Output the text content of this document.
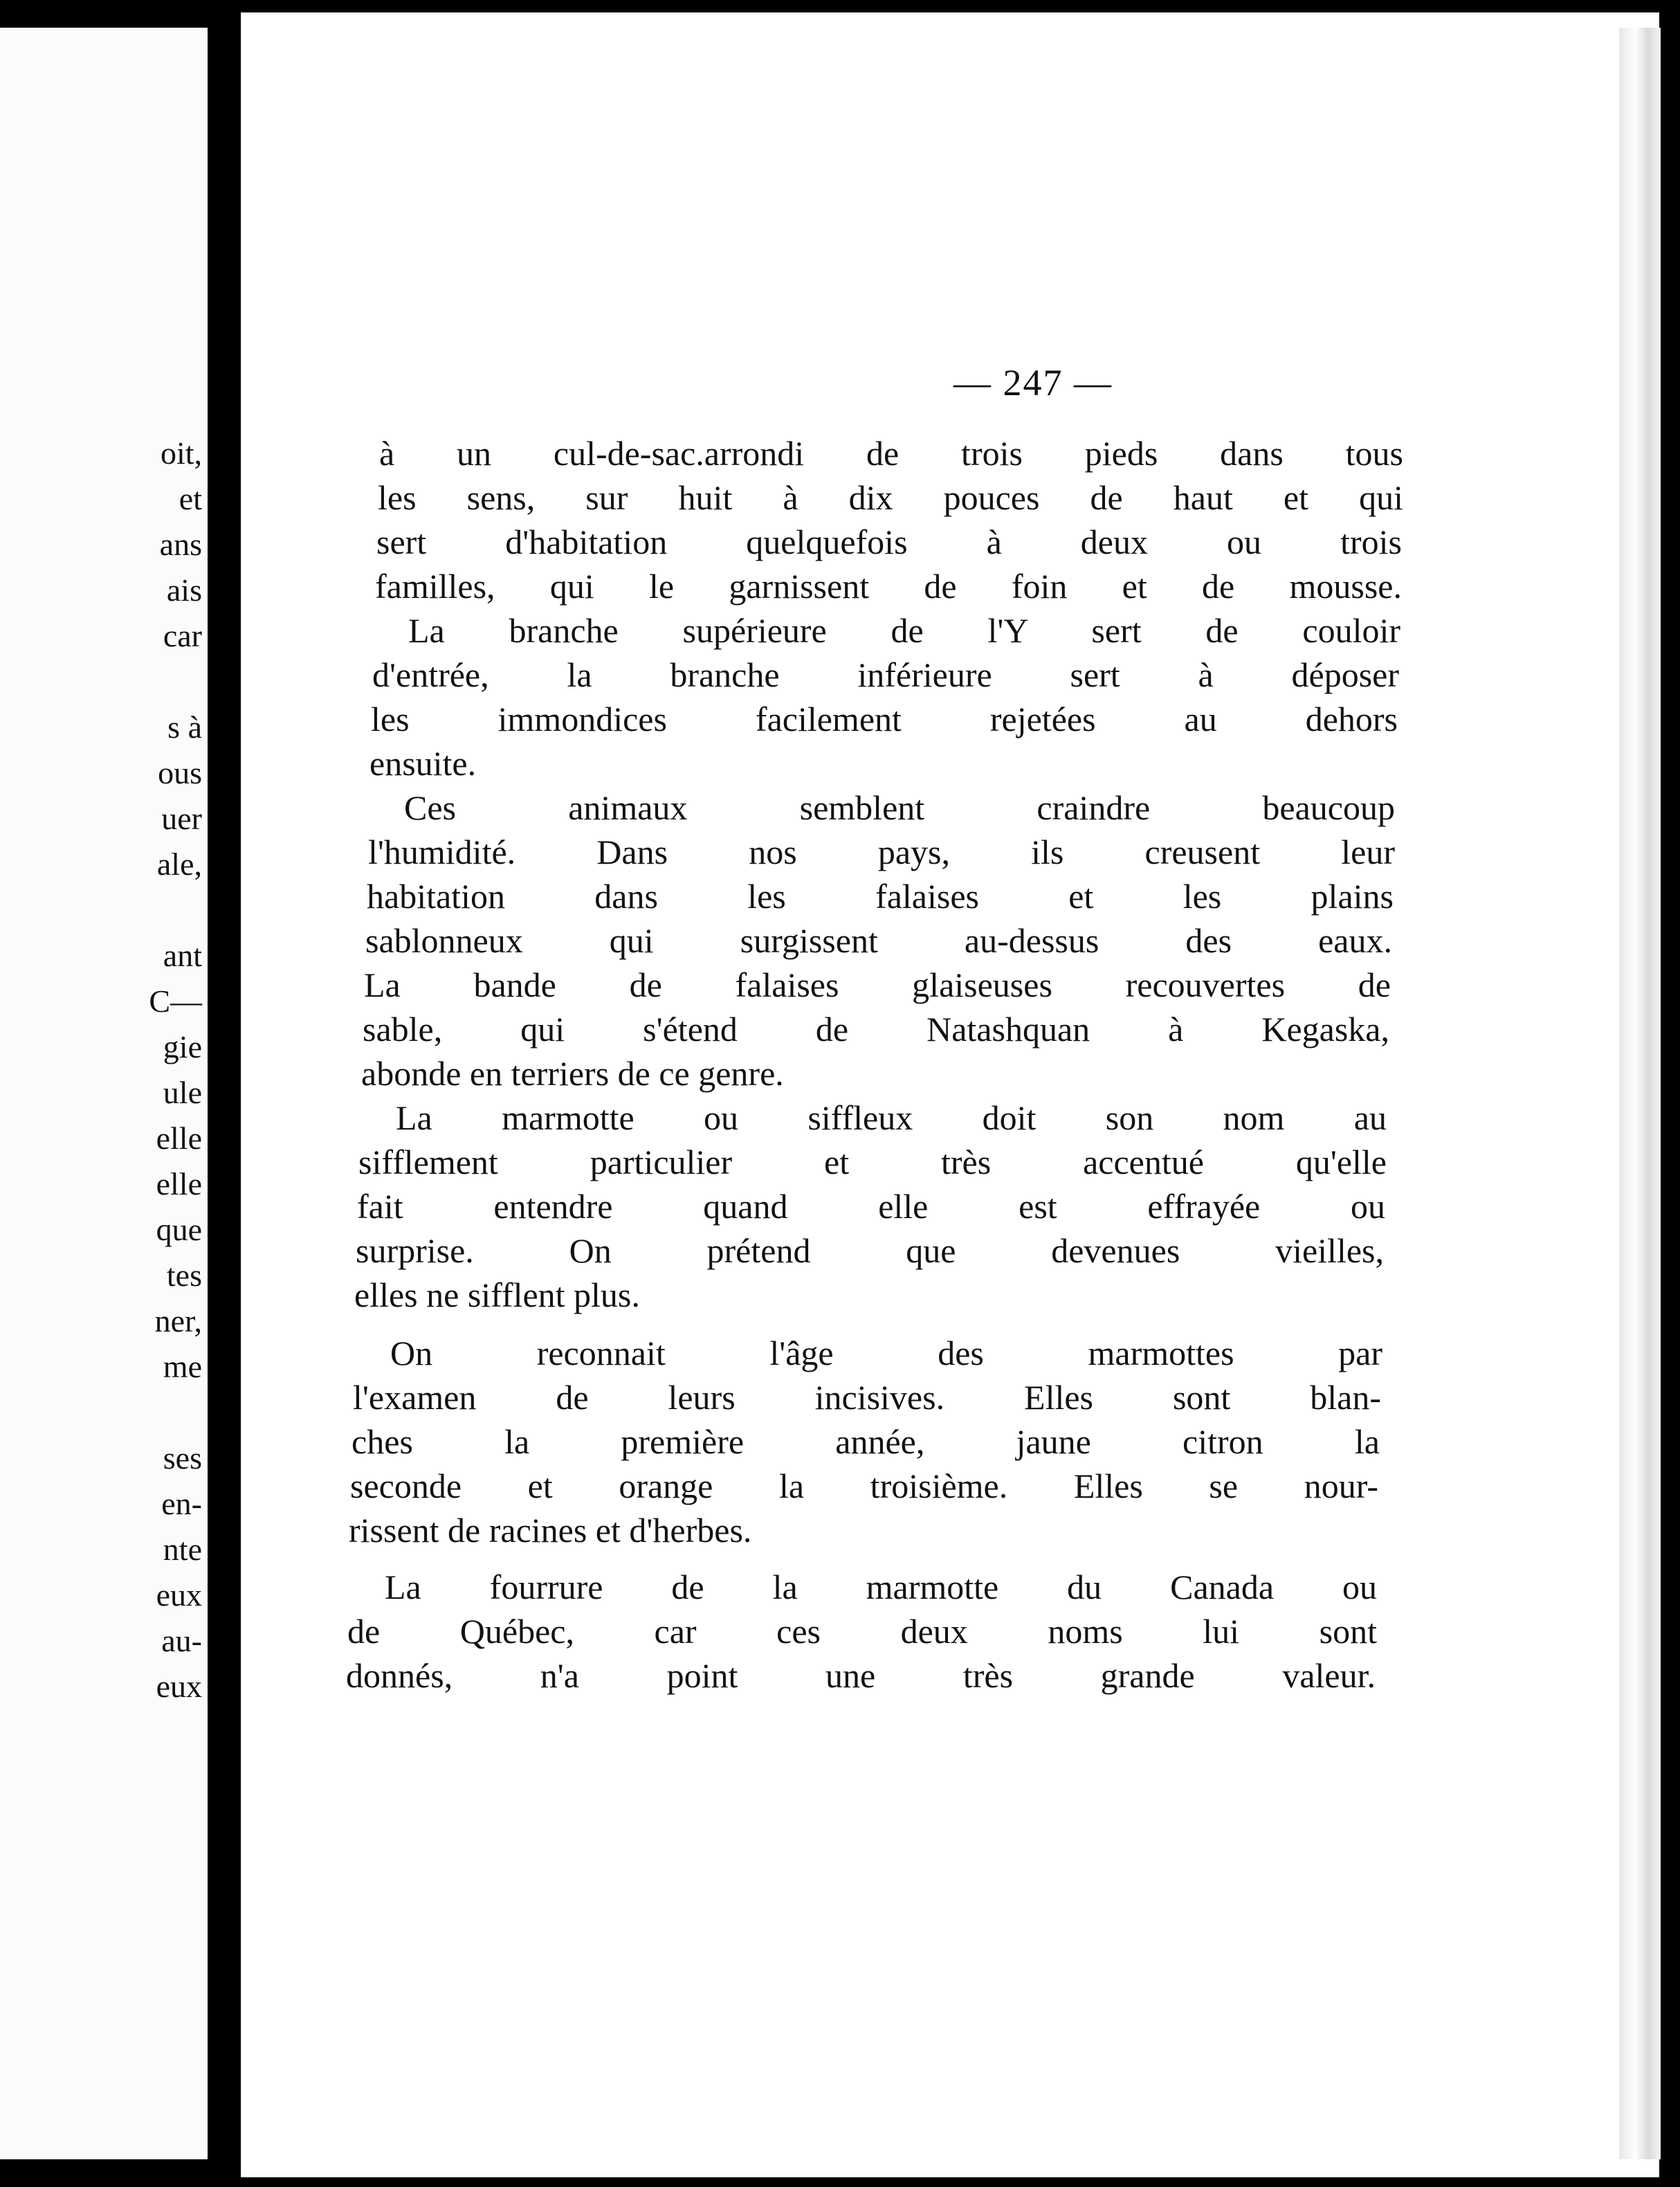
oit,
et
ans
ais
car
s à
ous
uer
ale,
ant
C—
gie
ule
elle
elle
que
tes
ner,
me
ses
en-
nte
eux
au-
eux
— 247 —
à un cul-de-sac.arrondi de trois pieds dans tous
les sens, sur huit à dix pouces de haut et qui
sert d'habitation quelquefois à deux ou trois
familles, qui le garnissent de foin et de mousse.
La branche supérieure de l'Y sert de couloir
d'entrée, la branche inférieure sert à déposer
les immondices facilement rejetées au dehors
ensuite.
Ces animaux semblent craindre beaucoup
l'humidité. Dans nos pays, ils creusent leur
habitation dans les falaises et les plains
sablonneux qui surgissent au-dessus des eaux.
La bande de falaises glaiseuses recouvertes de
sable, qui s'étend de Natashquan à Kegaska,
abonde en terriers de ce genre.
La marmotte ou siffleux doit son nom au
sifflement particulier et très accentué qu'elle
fait entendre quand elle est effrayée ou
surprise. On prétend que devenues vieilles,
elles ne sifflent plus.
On reconnait l'âge des marmottes par
l'examen de leurs incisives. Elles sont blan-
ches la première année, jaune citron la
seconde et orange la troisième. Elles se nour-
rissent de racines et d'herbes.
La fourrure de la marmotte du Canada ou
de Québec, car ces deux noms lui sont
donnés, n'a point une très grande valeur.
